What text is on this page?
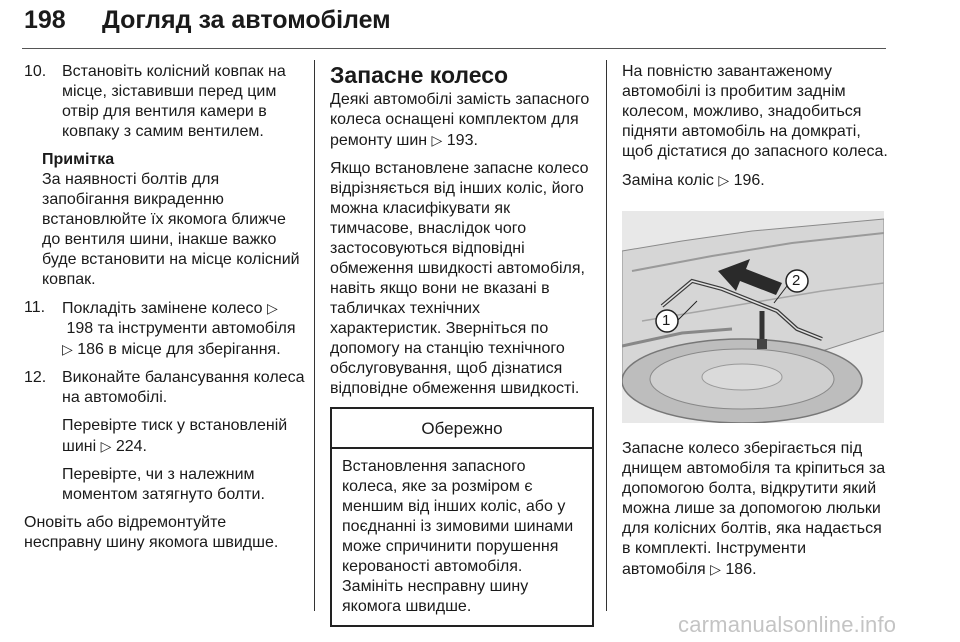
198 Догляд за автомобілем
10. Встановіть колісний ковпак на місце, зіставивши перед цим отвір для вентиля камери в ковпаку з самим вентилем.
Примітка
За наявності болтів для запобігання викраденню встановлюйте їх якомога ближче до вентиля шини, інакше важко буде встановити на місце колісний ковпак.
11. Покладіть замінене колесо ▷ 198 та інструменти автомобіля ▷ 186 в місце для зберігання.
12. Виконайте балансування колеса на автомобілі.
Перевірте тиск у встановленій шині ▷ 224.
Перевірте, чи з належним моментом затягнуто болти.
Оновіть або відремонтуйте несправну шину якомога швидше.
Запасне колесо
Деякі автомобілі замість запасного колеса оснащені комплектом для ремонту шин ▷ 193.
Якщо встановлене запасне колесо відрізняється від інших коліс, його можна класифікувати як тимчасове, внаслідок чого застосовуються відповідні обмеження швидкості автомобіля, навіть якщо вони не вказані в табличках технічних характеристик. Зверніться по допомогу на станцію технічного обслуговування, щоб дізнатися відповідне обмеження швидкості.
Обережно
Встановлення запасного колеса, яке за розміром є меншим від інших коліс, або у поєднанні із зимовими шинами може спричинити порушення керованості автомобіля.
Замініть несправну шину якомога швидше.
На повністю завантаженому автомобілі із пробитим заднім колесом, можливо, знадобиться підняти автомобіль на домкраті, щоб дістатися до запасного колеса.
Заміна коліс ▷ 196.
1
2
Запасне колесо зберігається під днищем автомобіля та кріпиться за допомогою болта, відкрутити який можна лише за допомогою люльки для колісних болтів, яка надається в комплекті. Інструменти автомобіля ▷ 186.
carmanualsonline.info
